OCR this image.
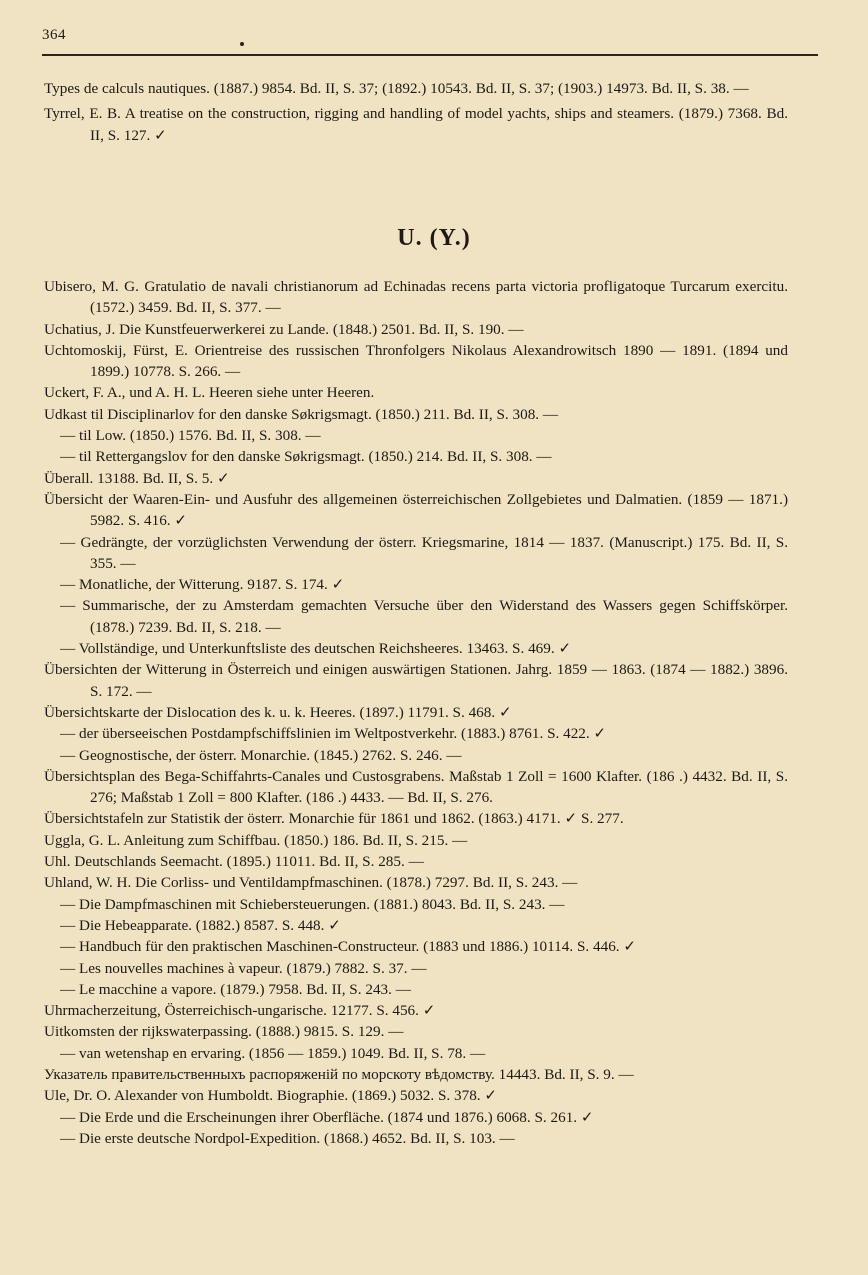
364
Types de calculs nautiques. (1887.) 9854. Bd. II, S. 37; (1892.) 10543. Bd. II, S. 37; (1903.) 14973. Bd. II, S. 38. —
Tyrrel, E. B. A treatise on the construction, rigging and handling of model yachts, ships and steamers. (1879.) 7368. Bd. II, S. 127. ✓
U. (Y.)
Ubisero, M. G. Gratulatio de navali christianorum ad Echinadas recens parta victoria profligatoque Turcarum exercitu. (1572.) 3459. Bd. II, S. 377. —
Uchatius, J. Die Kunstfeuerwerkerei zu Lande. (1848.) 2501. Bd. II, S. 190. —
Uchtomoskij, Fürst, E. Orientreise des russischen Thronfolgers Nikolaus Alexandrowitsch 1890 — 1891. (1894 und 1899.) 10778. S. 266. —
Uckert, F. A., und A. H. L. Heeren siehe unter Heeren.
Udkast til Disciplinarlov for den danske Søkrigsmagt. (1850.) 211. Bd. II, S. 308. —
— til Low. (1850.) 1576. Bd. II, S. 308. —
— til Rettergangslov for den danske Søkrigsmagt. (1850.) 214. Bd. II, S. 308. —
Überall. 13188. Bd. II, S. 5. ✓
Übersicht der Waaren-Ein- und Ausfuhr des allgemeinen österreichischen Zollgebietes und Dalmatien. (1859 — 1871.) 5982. S. 416. ✓
— Gedrängte, der vorzüglichsten Verwendung der österr. Kriegsmarine, 1814 — 1837. (Manuscript.) 175. Bd. II, S. 355. —
— Monatliche, der Witterung. 9187. S. 174. ✓
— Summarische, der zu Amsterdam gemachten Versuche über den Widerstand des Wassers gegen Schiffskörper. (1878.) 7239. Bd. II, S. 218. —
— Vollständige, und Unterkunftsliste des deutschen Reichsheeres. 13463. S. 469. ✓
Übersichten der Witterung in Österreich und einigen auswärtigen Stationen. Jahrg. 1859 — 1863. (1874 — 1882.) 3896. S. 172. —
Übersichtskarte der Dislocation des k. u. k. Heeres. (1897.) 11791. S. 468. ✓
— der überseeischen Postdampfschiffslinien im Weltpostverkehr. (1883.) 8761. S. 422. ✓
— Geognostische, der österr. Monarchie. (1845.) 2762. S. 246. —
Übersichtsplan des Bega-Schiffahrts-Canales und Custosgrabens. Maßstab 1 Zoll = 1600 Klafter. (186 .) 4432. Bd. II, S. 276; Maßstab 1 Zoll = 800 Klafter. (186 .) 4433. — Bd. II, S. 276.
Übersichtstafeln zur Statistik der österr. Monarchie für 1861 und 1862. (1863.) 4171. ✓ S. 277.
Uggla, G. L. Anleitung zum Schiffbau. (1850.) 186. Bd. II, S. 215. —
Uhl. Deutschlands Seemacht. (1895.) 11011. Bd. II, S. 285. —
Uhland, W. H. Die Corliss- und Ventildampfmaschinen. (1878.) 7297. Bd. II, S. 243. —
— Die Dampfmaschinen mit Schiebersteuerungen. (1881.) 8043. Bd. II, S. 243. —
— Die Hebeapparate. (1882.) 8587. S. 448. ✓
— Handbuch für den praktischen Maschinen-Constructeur. (1883 und 1886.) 10114. S. 446. ✓
— Les nouvelles machines à vapeur. (1879.) 7882. S. 37. —
— Le macchine a vapore. (1879.) 7958. Bd. II, S. 243. —
Uhrmacherzeitung, Österreichisch-ungarische. 12177. S. 456. ✓
Uitkomsten der rijkswaterpassing. (1888.) 9815. S. 129. —
— van wetenshap en ervaring. (1856 — 1859.) 1049. Bd. II, S. 78. —
Указатель правительственныхъ распоряженій по морскоту вѣдомству. 14443. Bd. II, S. 9. —
Ule, Dr. O. Alexander von Humboldt. Biographie. (1869.) 5032. S. 378. ✓
— Die Erde und die Erscheinungen ihrer Oberfläche. (1874 und 1876.) 6068. S. 261. ✓
— Die erste deutsche Nordpol-Expedition. (1868.) 4652. Bd. II, S. 103. —
